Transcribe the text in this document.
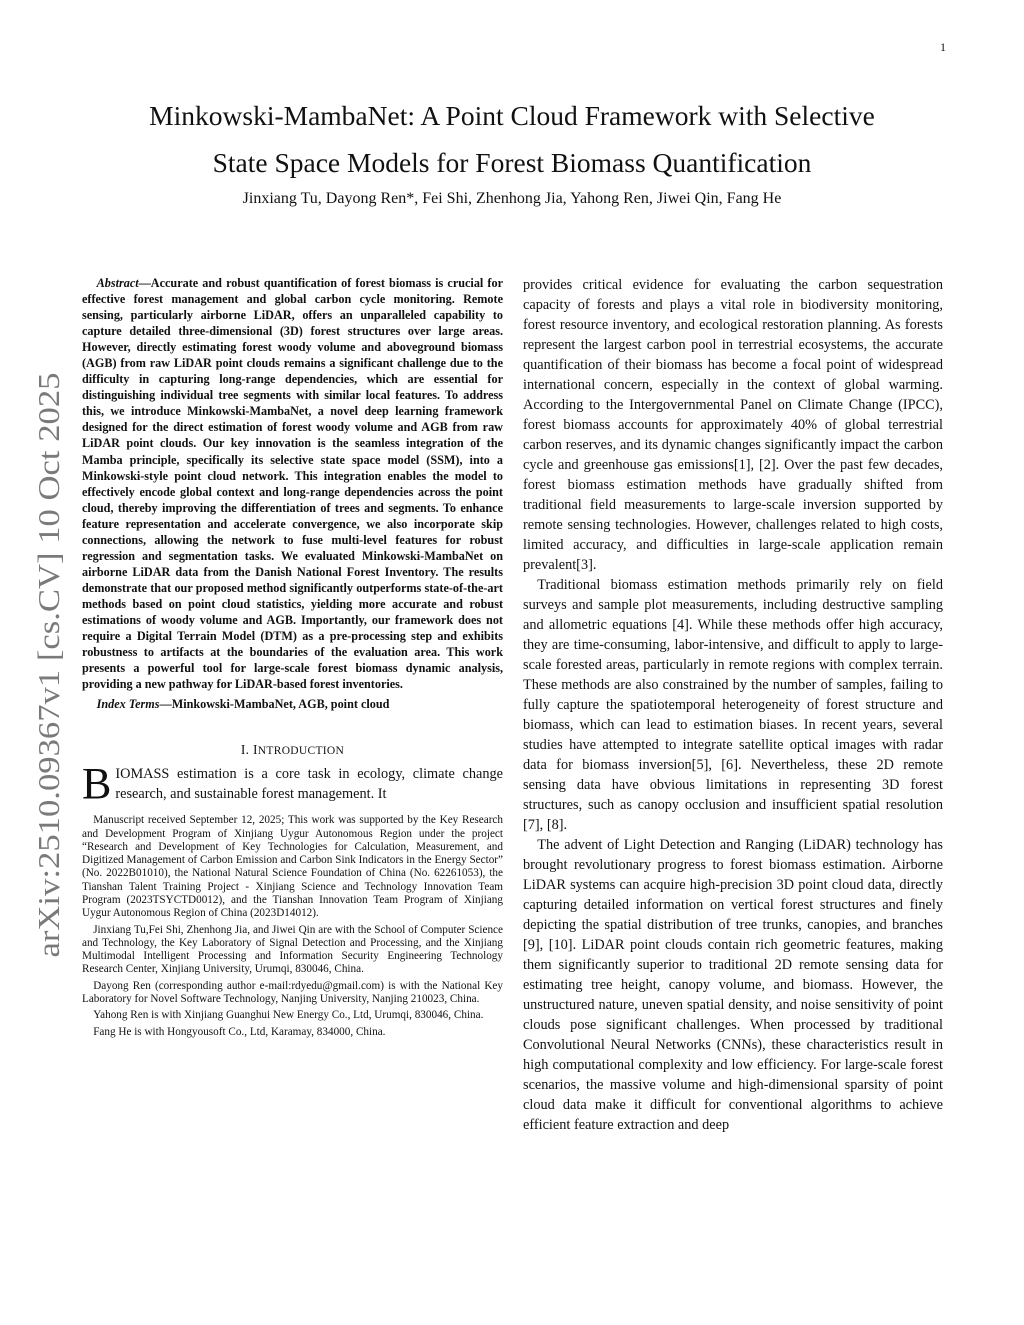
1
arXiv:2510.09367v1 [cs.CV] 10 Oct 2025
Minkowski-MambaNet: A Point Cloud Framework with Selective
State Space Models for Forest Biomass Quantification
Jinxiang Tu, Dayong Ren*, Fei Shi, Zhenhong Jia, Yahong Ren, Jiwei Qin, Fang He

Abstract—Accurate and robust quantification of forest biomass is crucial for effective forest management and global carbon cycle monitoring. Remote sensing, particularly airborne LiDAR, offers an unparalleled capability to capture detailed three-dimensional (3D) forest structures over large areas. However, directly estimating forest woody volume and aboveground biomass (AGB) from raw LiDAR point clouds remains a significant challenge due to the difficulty in capturing long-range dependencies, which are essential for distinguishing individual tree segments with similar local features. To address this, we introduce Minkowski-MambaNet, a novel deep learning framework designed for the direct estimation of forest woody volume and AGB from raw LiDAR point clouds. Our key innovation is the seamless integration of the Mamba principle, specifically its selective state space model (SSM), into a Minkowski-style point cloud network. This integration enables the model to effectively encode global context and long-range dependencies across the point cloud, thereby improving the differentiation of trees and segments. To enhance feature representation and accelerate convergence, we also incorporate skip connections, allowing the network to fuse multi-level features for robust regression and segmentation tasks. We evaluated Minkowski-MambaNet on airborne LiDAR data from the Danish National Forest Inventory. The results demonstrate that our proposed method significantly outperforms state-of-the-art methods based on point cloud statistics, yielding more accurate and robust estimations of woody volume and AGB. Importantly, our framework does not require a Digital Terrain Model (DTM) as a pre-processing step and exhibits robustness to artifacts at the boundaries of the evaluation area. This work presents a powerful tool for large-scale forest biomass dynamic analysis, providing a new pathway for LiDAR-based forest inventories.

Index Terms—Minkowski-MambaNet, AGB, point cloud

I. INTRODUCTION

BIOMASS estimation is a core task in ecology, climate change research, and sustainable forest management. It

Manuscript received September 12, 2025; This work was supported by the Key Research and Development Program of Xinjiang Uygur Autonomous Region under the project “Research and Development of Key Technologies for Calculation, Measurement, and Digitized Management of Carbon Emission and Carbon Sink Indicators in the Energy Sector” (No. 2022B01010), the National Natural Science Foundation of China (No. 62261053), the Tianshan Talent Training Project - Xinjiang Science and Technology Innovation Team Program (2023TSYCTD0012), and the Tianshan Innovation Team Program of Xinjiang Uygur Autonomous Region of China (2023D14012).

Jinxiang Tu,Fei Shi, Zhenhong Jia, and Jiwei Qin are with the School of Computer Science and Technology, the Key Laboratory of Signal Detection and Processing, and the Xinjiang Multimodal Intelligent Processing and Information Security Engineering Technology Research Center, Xinjiang University, Urumqi, 830046, China.

Dayong Ren (corresponding author e-mail:rdyedu@gmail.com) is with the National Key Laboratory for Novel Software Technology, Nanjing University, Nanjing 210023, China.

Yahong Ren is with Xinjiang Guanghui New Energy Co., Ltd, Urumqi, 830046, China.

Fang He is with Hongyousoft Co., Ltd, Karamay, 834000, China.

provides critical evidence for evaluating the carbon sequestration capacity of forests and plays a vital role in biodiversity monitoring, forest resource inventory, and ecological restoration planning. As forests represent the largest carbon pool in terrestrial ecosystems, the accurate quantification of their biomass has become a focal point of widespread international concern, especially in the context of global warming. According to the Intergovernmental Panel on Climate Change (IPCC), forest biomass accounts for approximately 40% of global terrestrial carbon reserves, and its dynamic changes significantly impact the carbon cycle and greenhouse gas emissions[1], [2]. Over the past few decades, forest biomass estimation methods have gradually shifted from traditional field measurements to large-scale inversion supported by remote sensing technologies. However, challenges related to high costs, limited accuracy, and difficulties in large-scale application remain prevalent[3].

Traditional biomass estimation methods primarily rely on field surveys and sample plot measurements, including destructive sampling and allometric equations [4]. While these methods offer high accuracy, they are time-consuming, labor-intensive, and difficult to apply to large-scale forested areas, particularly in remote regions with complex terrain. These methods are also constrained by the number of samples, failing to fully capture the spatiotemporal heterogeneity of forest structure and biomass, which can lead to estimation biases. In recent years, several studies have attempted to integrate satellite optical images with radar data for biomass inversion[5], [6]. Nevertheless, these 2D remote sensing data have obvious limitations in representing 3D forest structures, such as canopy occlusion and insufficient spatial resolution [7], [8].

The advent of Light Detection and Ranging (LiDAR) technology has brought revolutionary progress to forest biomass estimation. Airborne LiDAR systems can acquire high-precision 3D point cloud data, directly capturing detailed information on vertical forest structures and finely depicting the spatial distribution of tree trunks, canopies, and branches [9], [10]. LiDAR point clouds contain rich geometric features, making them significantly superior to traditional 2D remote sensing data for estimating tree height, canopy volume, and biomass. However, the unstructured nature, uneven spatial density, and noise sensitivity of point clouds pose significant challenges. When processed by traditional Convolutional Neural Networks (CNNs), these characteristics result in high computational complexity and low efficiency. For large-scale forest scenarios, the massive volume and high-dimensional sparsity of point cloud data make it difficult for conventional algorithms to achieve efficient feature extraction and deep
